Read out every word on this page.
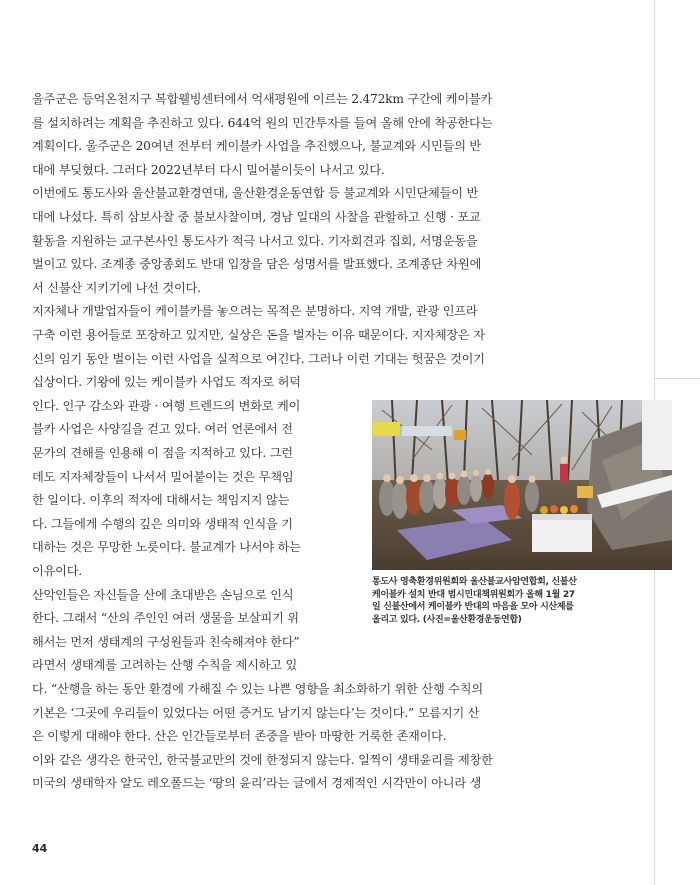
울주군은 등억온천지구 복합웰빙센터에서 억새평원에 이르는 2.472km 구간에 케이블카
를 설치하려는 계획을 추진하고 있다. 644억 원의 민간투자를 들여 올해 안에 착공한다는
계획이다. 울주군은 20여년 전부터 케이블카 사업을 추진했으나, 불교계와 시민들의 반
대에 부딪혔다. 그러다 2022년부터 다시 밀어붙이듯이 나서고 있다.

이번에도 통도사와 울산불교환경연대, 울산환경운동연합 등 불교계와 시민단체들이 반
대에 나섰다. 특히 삼보사찰 중 불보사찰이며, 경남 일대의 사찰을 관할하고 신행 · 포교
활동을 지원하는 교구본사인 통도사가 적극 나서고 있다. 기자회견과 집회, 서명운동을
벌이고 있다. 조계종 중앙종회도 반대 입장을 담은 성명서를 발표했다. 조계종단 차원에
서 신불산 지키기에 나선 것이다.

지자체나 개발업자들이 케이블카를 놓으려는 목적은 분명하다. 지역 개발, 관광 인프라
구축 이런 용어들로 포장하고 있지만, 실상은 돈을 벌자는 이유 때문이다. 지자체장은 자
신의 임기 동안 벌이는 이런 사업을 실적으로 여긴다. 그러나 이런 기대는 헛꿈은 것이기

십상이다. 기왕에 있는 케이블카 사업도 적자로 허덕
인다. 인구 감소와 관광 · 여행 트렌드의 변화로 케이
블카 사업은 사양길을 걷고 있다. 여러 언론에서 전
문가의 견해를 인용해 이 점을 지적하고 있다. 그런
데도 지자체장들이 나서서 밀어붙이는 것은 무책임
한 일이다. 이후의 적자에 대해서는 책임지지 않는
다. 그들에게 수행의 깊은 의미와 생태적 인식을 기
대하는 것은 무망한 노릇이다. 불교계가 나서야 하는
이유이다.

산악인들은 자신들을 산에 초대받은 손님으로 인식
한다. 그래서 “산의 주인인 여러 생물을 보살피기 위
해서는 먼저 생태계의 구성원들과 친숙해져야 한다”
라면서 생태계를 고려하는 산행 수칙을 제시하고 있

다. “산행을 하는 동안 환경에 가해질 수 있는 나쁜 영향을 최소화하기 위한 산행 수칙의
기본은 ‘그곳에 우리들이 있었다는 어떤 증거도 남기지 않는다’는 것이다.” 모름지기 산
은 이렇게 대해야 한다. 산은 인간들로부터 존중을 받아 마땅한 거룩한 존재이다.

이와 같은 생각은 한국인, 한국불교만의 것에 한정되지 않는다. 일찍이 생태윤리를 제창한
미국의 생태학자 알도 레오폴드는 ‘땅의 윤리’라는 글에서 경제적인 시각만이 아니라 생

통도사 영축환경위원회와 울산불교사암연합회, 신불산
케이블카 설치 반대 범시민대책위원회가 올해 1월 27
일 신불산에서 케이블카 반대의 마음을 모아 시산제를
올리고 있다. (사진=울산환경운동연합)
44
